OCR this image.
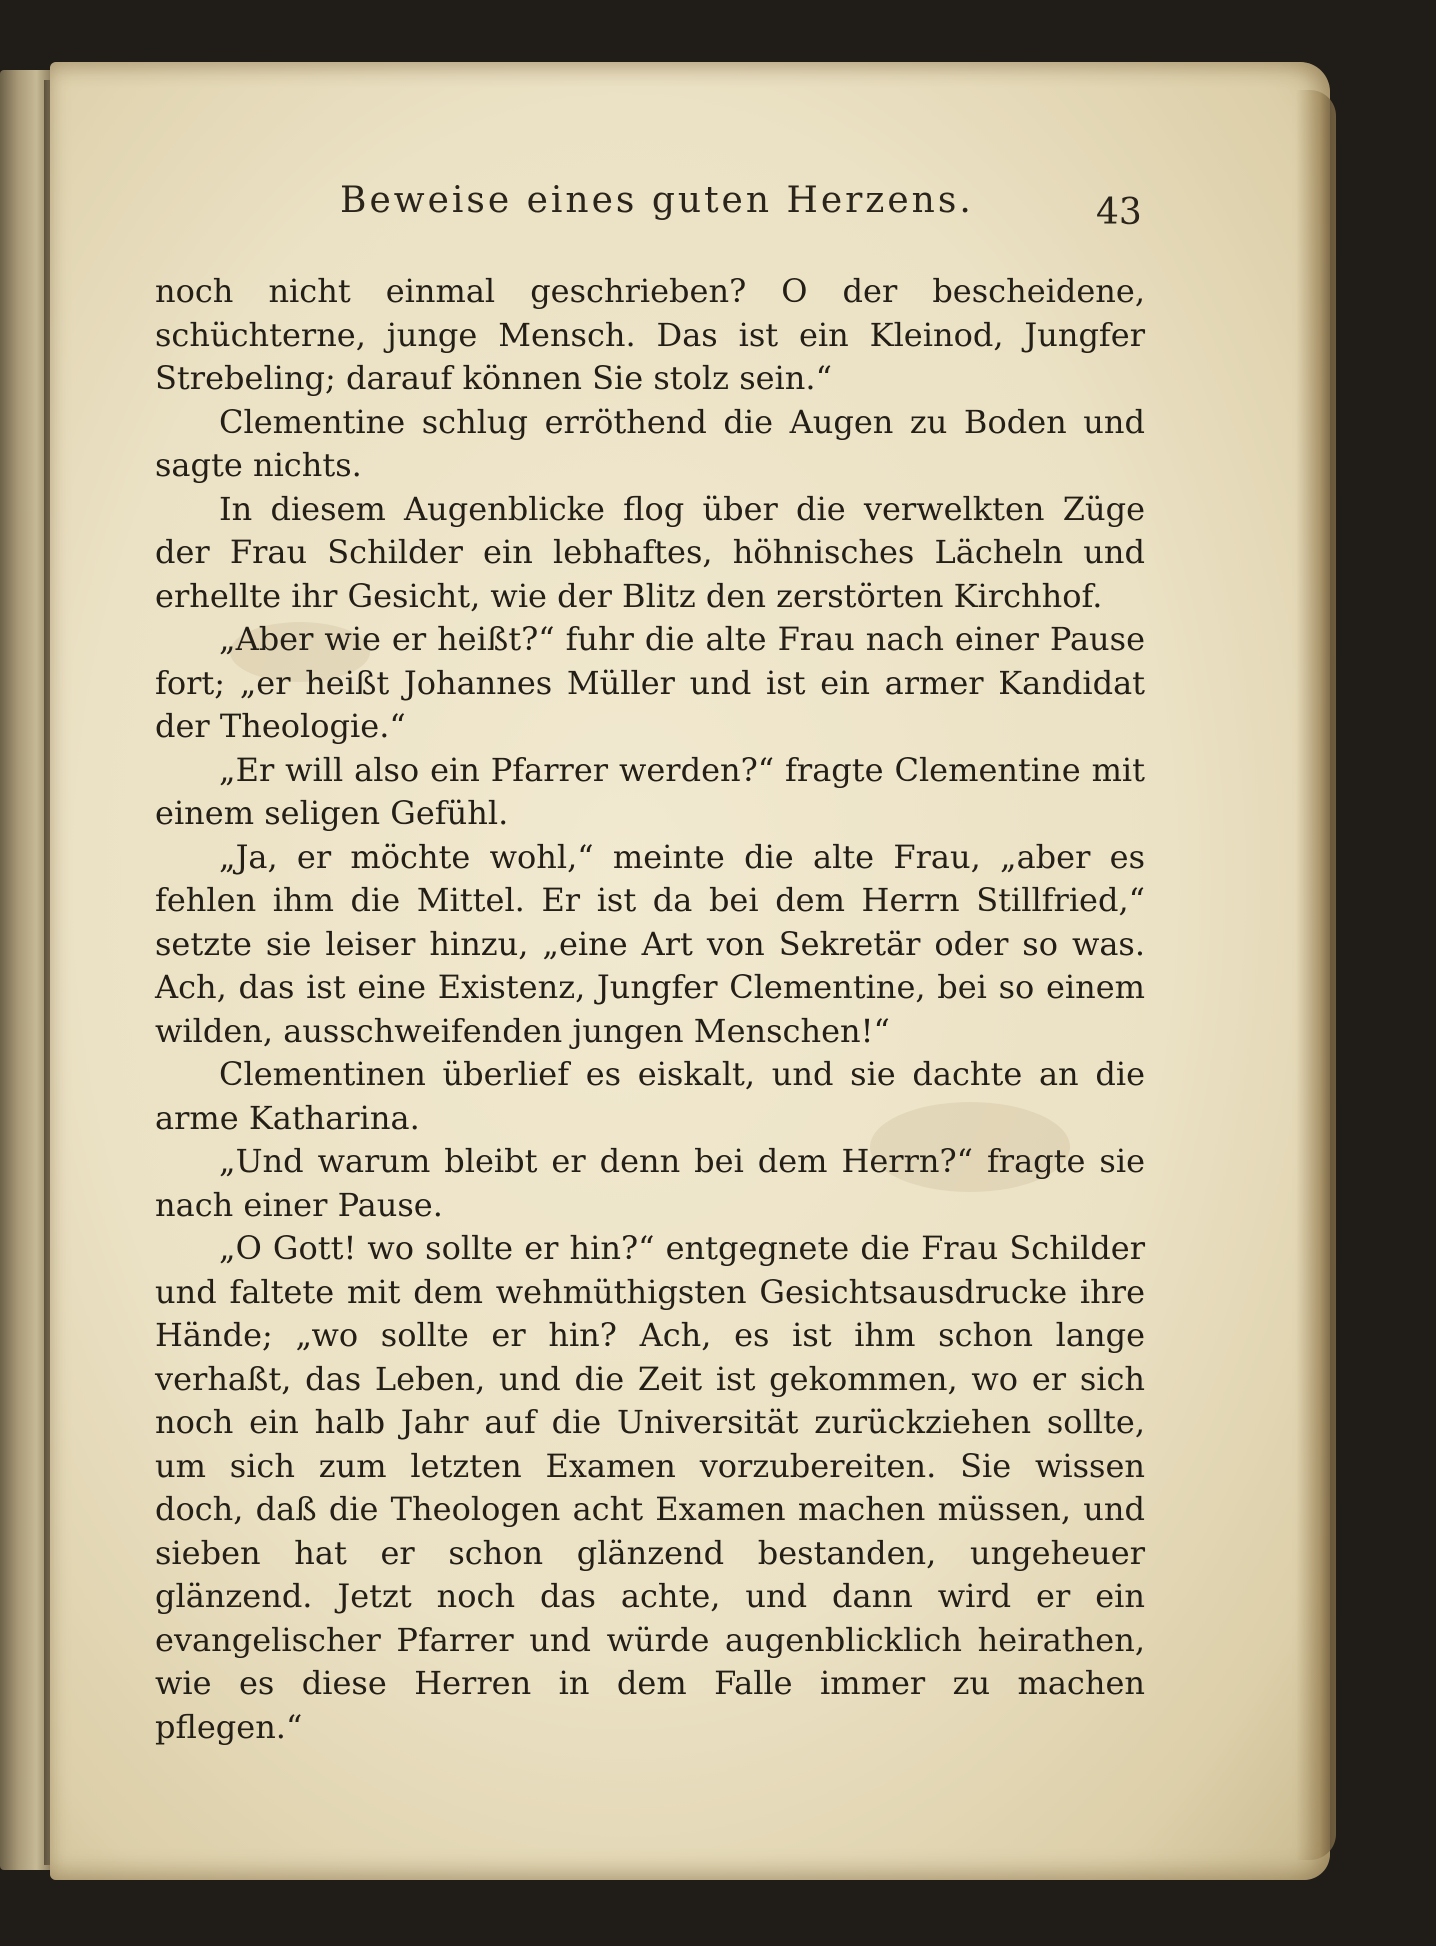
Beweise eines guten Herzens.	43

noch nicht einmal geschrieben? O der bescheidene, schüchterne, junge Mensch. Das ist ein Kleinod, Jungfer Strebeling; darauf können Sie stolz sein.“

Clementine schlug erröthend die Augen zu Boden und sagte nichts.

In diesem Augenblicke flog über die verwelkten Züge der Frau Schilder ein lebhaftes, höhnisches Lächeln und erhellte ihr Gesicht, wie der Blitz den zerstörten Kirchhof.

„Aber wie er heißt?“ fuhr die alte Frau nach einer Pause fort; „er heißt Johannes Müller und ist ein armer Kandidat der Theologie.“

„Er will also ein Pfarrer werden?“ fragte Clementine mit einem seligen Gefühl.

„Ja, er möchte wohl,“ meinte die alte Frau, „aber es fehlen ihm die Mittel. Er ist da bei dem Herrn Stillfried,“ setzte sie leiser hinzu, „eine Art von Sekretär oder so was. Ach, das ist eine Existenz, Jungfer Clementine, bei so einem wilden, ausschweifenden jungen Menschen!“

Clementinen überlief es eiskalt, und sie dachte an die arme Katharina.

„Und warum bleibt er denn bei dem Herrn?“ fragte sie nach einer Pause.

„O Gott! wo sollte er hin?“ entgegnete die Frau Schilder und faltete mit dem wehmüthigsten Gesichtsausdrucke ihre Hände; „wo sollte er hin? Ach, es ist ihm schon lange verhaßt, das Leben, und die Zeit ist gekommen, wo er sich noch ein halb Jahr auf die Universität zurückziehen sollte, um sich zum letzten Examen vorzubereiten. Sie wissen doch, daß die Theologen acht Examen machen müssen, und sieben hat er schon glänzend bestanden, ungeheuer glänzend. Jetzt noch das achte, und dann wird er ein evangelischer Pfarrer und würde augenblicklich heirathen, wie es diese Herren in dem Falle immer zu machen pflegen.“
